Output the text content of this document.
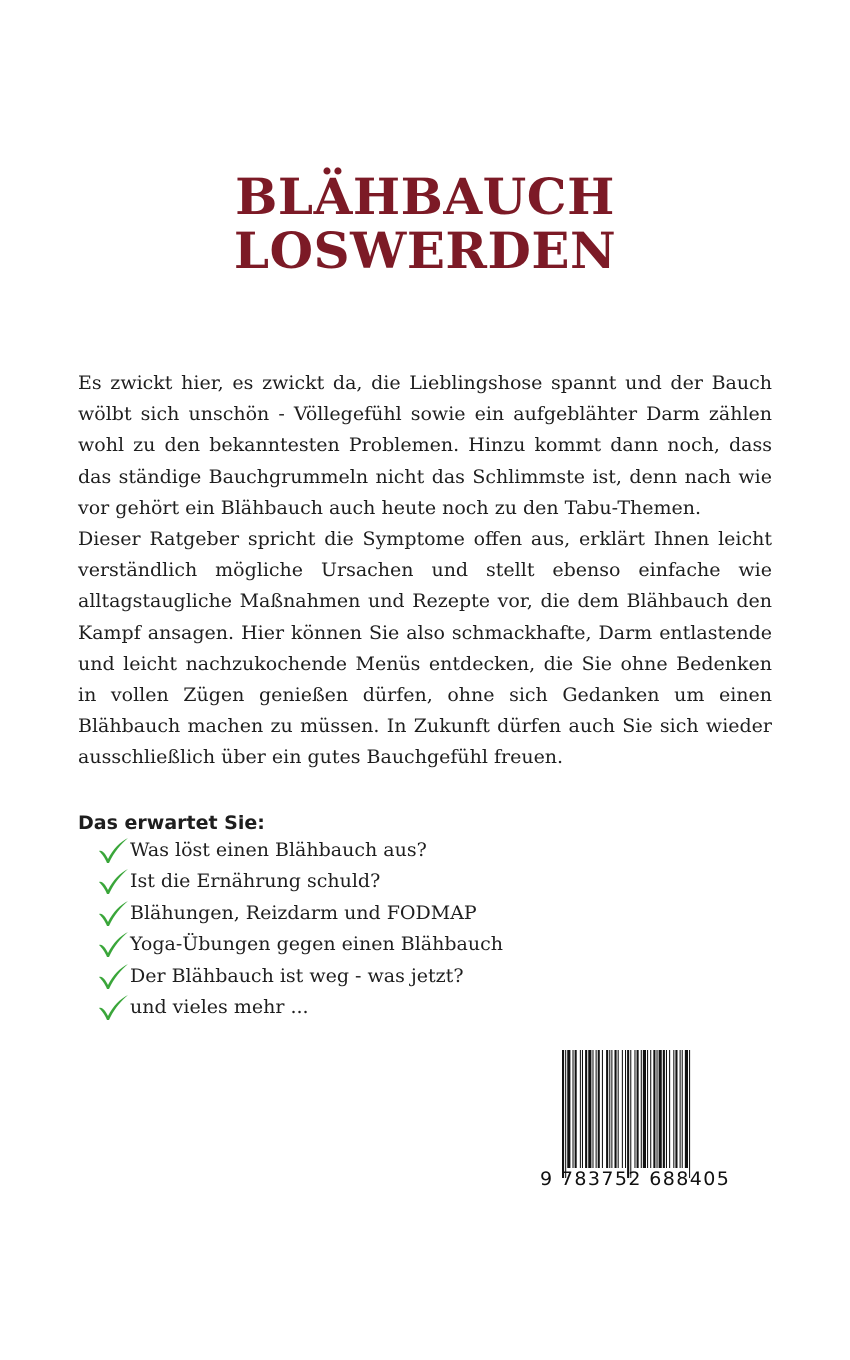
BLÄHBAUCH
LOSWERDEN

Es zwickt hier, es zwickt da, die Lieblingshose spannt und der Bauch wölbt sich unschön - Völlegefühl sowie ein aufgeblähter Darm zählen wohl zu den bekanntesten Problemen. Hinzu kommt dann noch, dass das ständige Bauchgrummeln nicht das Schlimmste ist, denn nach wie vor gehört ein Blähbauch auch heute noch zu den Tabu-Themen.

Dieser Ratgeber spricht die Symptome offen aus, erklärt Ihnen leicht verständlich mögliche Ursachen und stellt ebenso einfache wie alltagstaugliche Maßnahmen und Rezepte vor, die dem Blähbauch den Kampf ansagen. Hier können Sie also schmackhafte, Darm entlastende und leicht nachzukochende Menüs entdecken, die Sie ohne Bedenken in vollen Zügen genießen dürfen, ohne sich Gedanken um einen Blähbauch machen zu müssen. In Zukunft dürfen auch Sie sich wieder ausschließlich über ein gutes Bauchgefühl freuen.

Das erwartet Sie:
Was löst einen Blähbauch aus?
Ist die Ernährung schuld?
Blähungen, Reizdarm und FODMAP
Yoga-Übungen gegen einen Blähbauch
Der Blähbauch ist weg - was jetzt?
und vieles mehr ...
9 783752 688405
